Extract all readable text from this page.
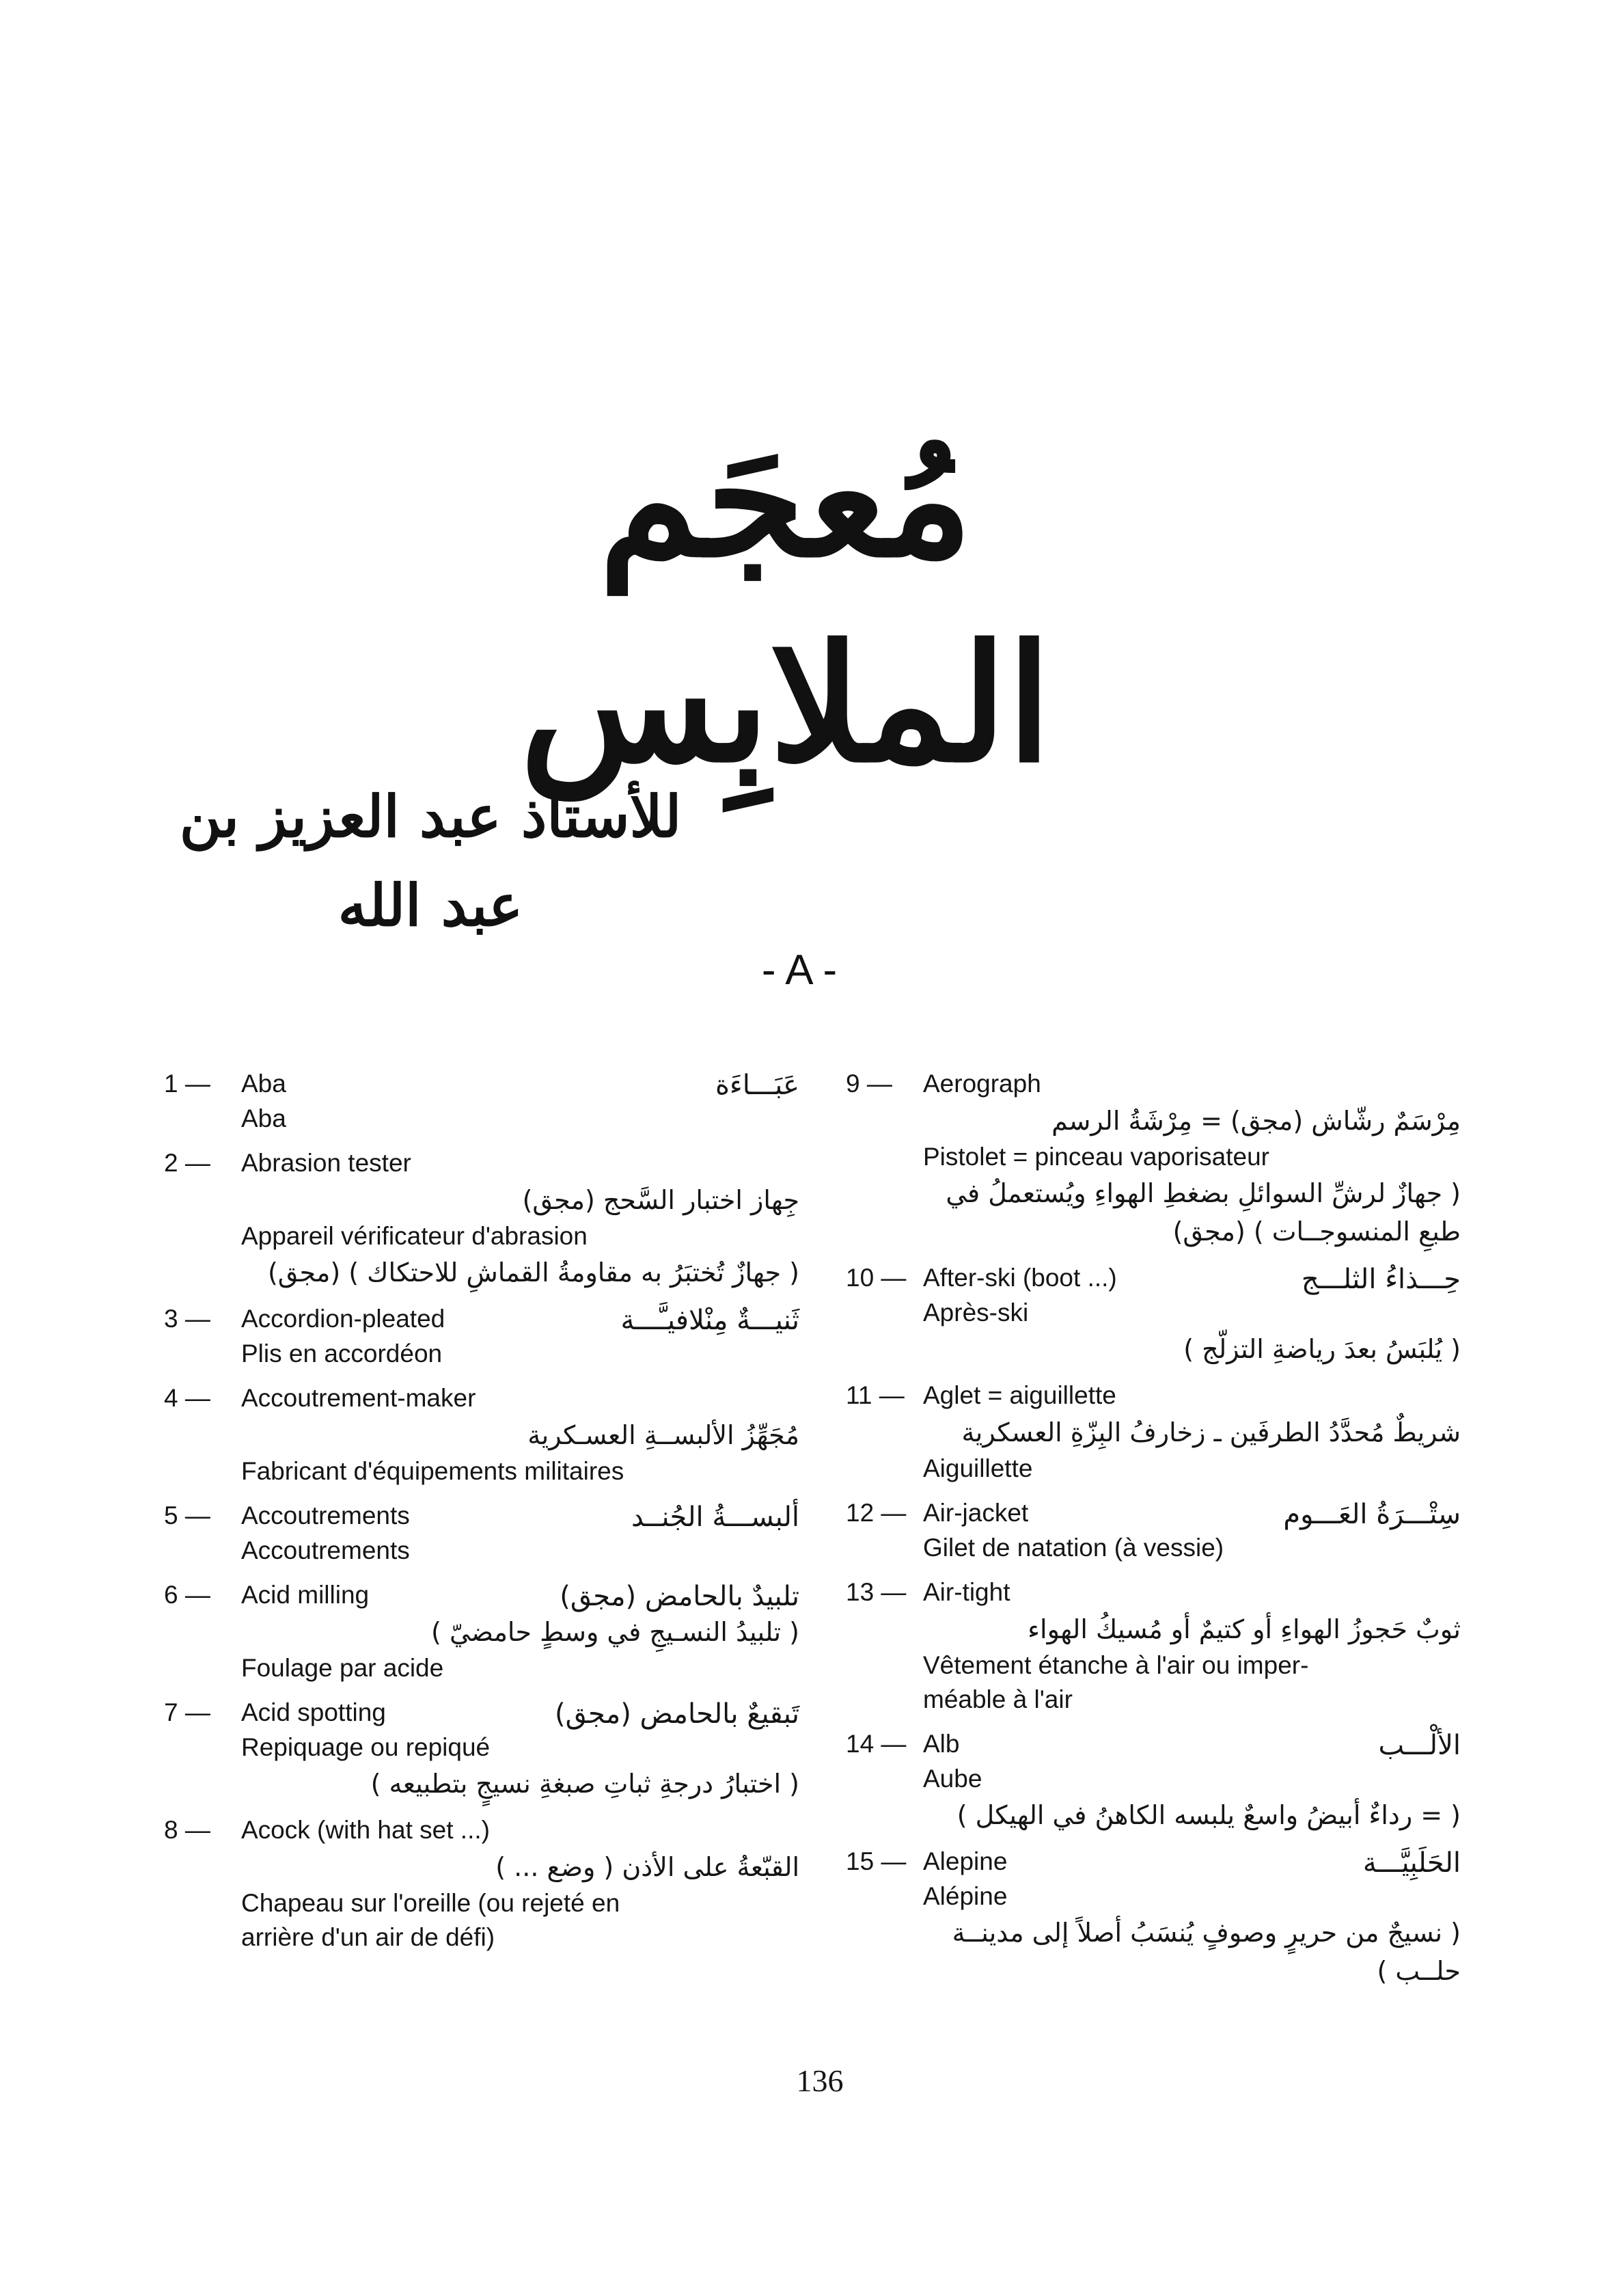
مُعجَم الملابِس
للأستاذ عبد العزيز بن عبد الله
- A -
1 —	Aba	عَبَـــاءَة
Aba
2 —	Abrasion tester
جِهاز اختبار السَّحج (مجق)
Appareil vérificateur d'abrasion
( جهازٌ تُختبَرُ به مقاومةُ القماشِ للاحتكاك ) (مجق)
3 —	Accordion-pleated	ثَنيـــةٌ مِنْلافيـَّـــة
Plis en accordéon
4 —	Accoutrement-maker
مُجَهِّزُ الألبســةِ العسـكرية
Fabricant d'équipements militaires
5 —	Accoutrements	ألبســـةُ الجُنــد
Accoutrements
6 —	Acid milling	تلبيدٌ بالحامض (مجق)
( تلبيدُ النسـيجِ في وسطٍ حامضيّ )
Foulage par acide
7 —	Acid spotting	تَبقيعٌ بالحامض (مجق)
Repiquage ou repiqué
( اختبارُ درجةِ ثباتِ صبغةِ نسيجٍ بتطبيعه )
8 —	Acock (with hat set ...)
القبّعةُ على الأذن ( وضع ... )
Chapeau sur l'oreille (ou rejeté en
arrière d'un air de défi)
9 —	Aerograph
مِرْسَمٌ رشّاش (مجق) = مِرْشَةُ الرسم
Pistolet = pinceau vaporisateur
( جهازٌ لرشِّ السوائلِ بضغطِ الهواءِ ويُستعملُ في
طبعِ المنسوجــات ) (مجق)
10 — After-ski (boot ...)	حِـــذاءُ الثلـــج
Après-ski
( يُلبَسُ بعدَ رياضةِ التزلّج )
11 — Aglet = aiguillette
شريطٌ مُحدَّدُ الطرفَين ـ زخارفُ البِزّةِ العسكرية
Aiguillette
12 — Air-jacket	سِتْـــرَةُ العَـــوم
Gilet de natation (à vessie)
13 — Air-tight
ثوبٌ حَجوزُ الهواءِ أو كتيمٌ أو مُسيكُ الهواء
Vêtement étanche à l'air ou imper-
méable à l'air
14 — Alb	الألْـــب
Aube
( = رداءٌ أبيضُ واسعٌ يلبسه الكاهنُ في الهيكل )
15 — Alepine	الحَلَبِيَّـــة
Alépine
( نسيجٌ من حريرٍ وصوفٍ يُنسَبُ أصلاً إلى مدينــة
حلــب )
136
